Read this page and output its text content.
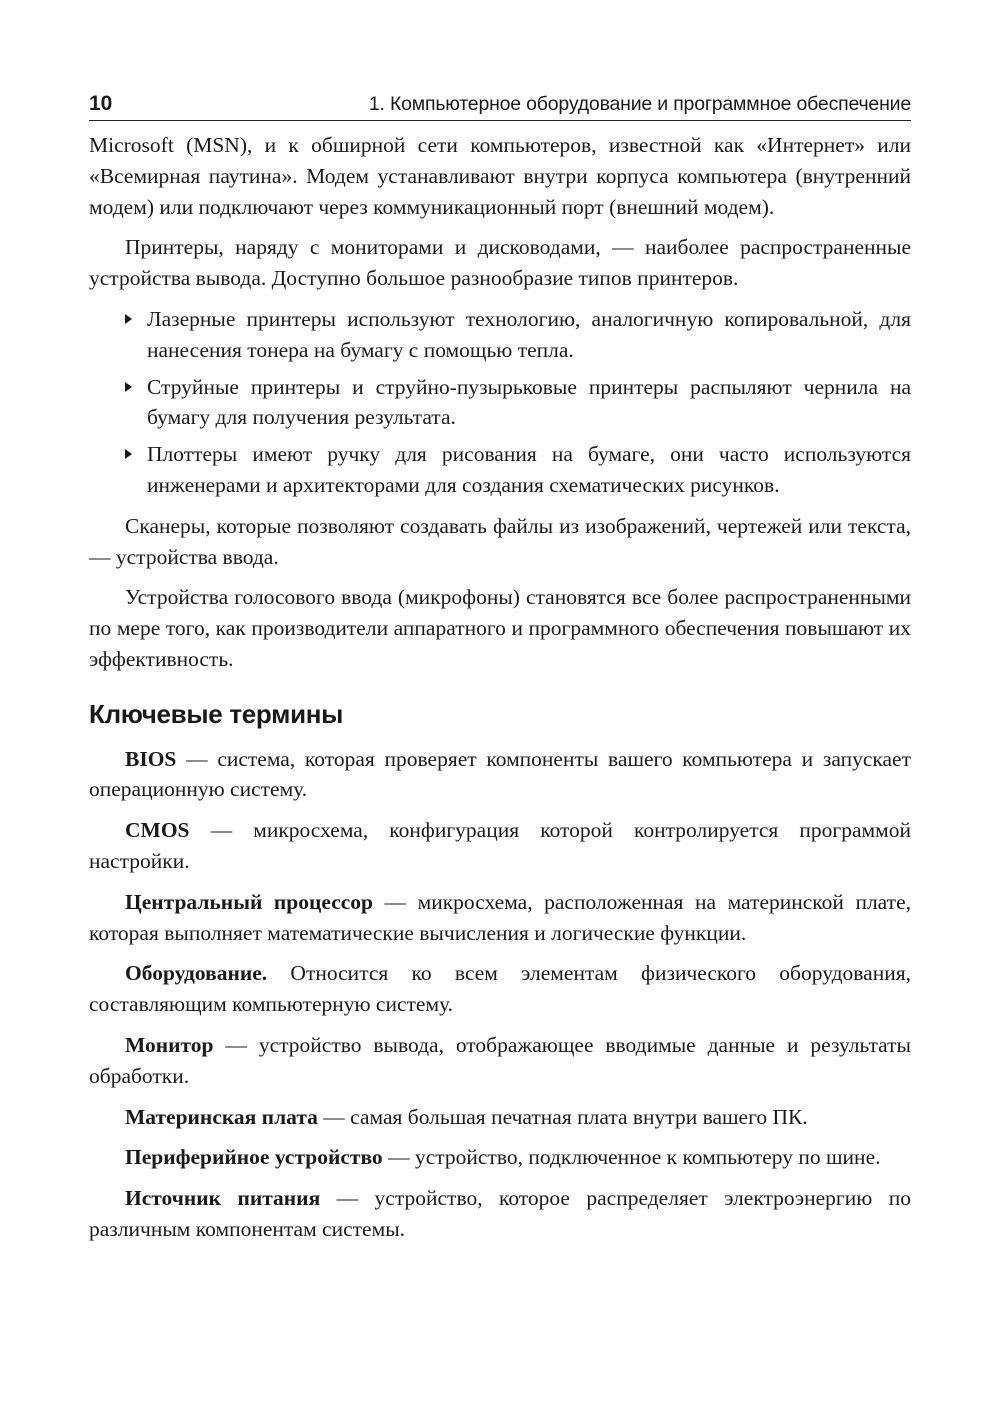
10	1. Компьютерное оборудование и программное обеспечение

Microsoft (MSN), и к обширной сети компьютеров, известной как «Интернет» или «Всемирная паутина». Модем устанавливают внутри корпуса компьютера (внутренний модем) или подключают через коммуникационный порт (внешний модем).

Принтеры, наряду с мониторами и дисководами, — наиболее распространенные устройства вывода. Доступно большое разнообразие типов принтеров.

Лазерные принтеры используют технологию, аналогичную копировальной, для нанесения тонера на бумагу с помощью тепла.
Струйные принтеры и струйно-пузырьковые принтеры распыляют чернила на бумагу для получения результата.
Плоттеры имеют ручку для рисования на бумаге, они часто используются инженерами и архитекторами для создания схематических рисунков.

Сканеры, которые позволяют создавать файлы из изображений, чертежей или текста, — устройства ввода.

Устройства голосового ввода (микрофоны) становятся все более распространенными по мере того, как производители аппаратного и программного обеспечения повышают их эффективность.

Ключевые термины

BIOS — система, которая проверяет компоненты вашего компьютера и запускает операционную систему.

CMOS — микросхема, конфигурация которой контролируется программой настройки.

Центральный процессор — микросхема, расположенная на материнской плате, которая выполняет математические вычисления и логические функции.

Оборудование. Относится ко всем элементам физического оборудования, составляющим компьютерную систему.

Монитор — устройство вывода, отображающее вводимые данные и результаты обработки.

Материнская плата — самая большая печатная плата внутри вашего ПК.

Периферийное устройство — устройство, подключенное к компьютеру по шине.

Источник питания — устройство, которое распределяет электроэнергию по различным компонентам системы.
